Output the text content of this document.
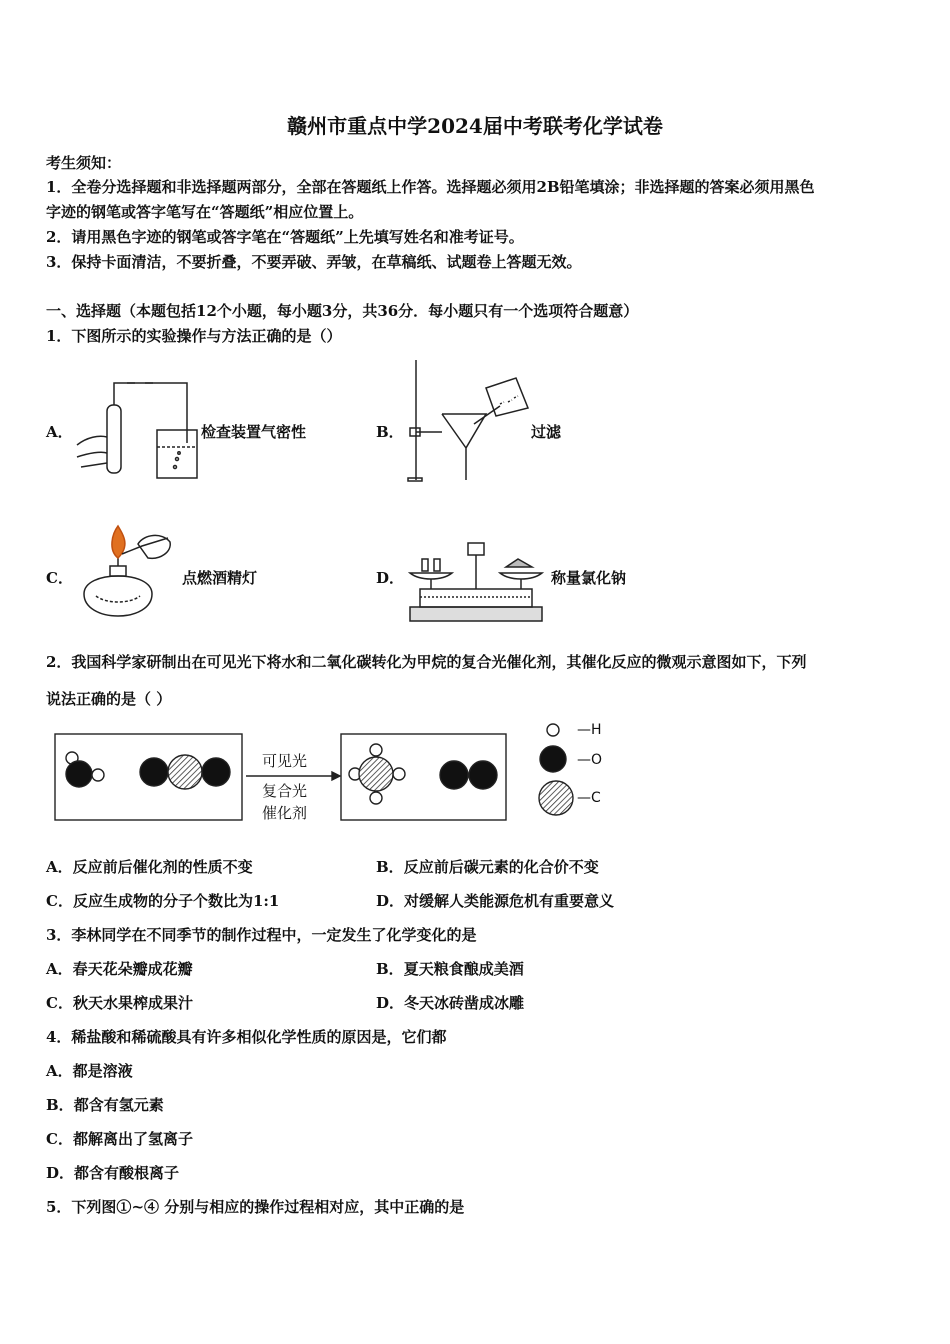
赣州市重点中学2024届中考联考化学试卷
考生须知：
1．全卷分选择题和非选择题两部分，全部在答题纸上作答。选择题必须用2B铅笔填涂；非选择题的答案必须用黑色
字迹的钢笔或答字笔写在“答题纸”相应位置上。
2．请用黑色字迹的钢笔或答字笔在“答题纸”上先填写姓名和准考证号。
3．保持卡面清洁，不要折叠，不要弄破、弄皱，在草稿纸、试题卷上答题无效。
一、选择题（本题包括12个小题，每小题3分，共36分．每小题只有一个选项符合题意）
1．下图所示的实验操作与方法正确的是（）
A．	检查装置气密性	B．	过滤
C．	点燃酒精灯	D．	称量氯化钠
2．我国科学家研制出在可见光下将水和二氧化碳转化为甲烷的复合光催化剂，其催化反应的微观示意图如下，下列
说法正确的是（ ）
可见光
复合光
催化剂
—H
—O
—C
A．反应前后催化剂的性质不变	B．反应前后碳元素的化合价不变
C．反应生成物的分子个数比为1:1	D．对缓解人类能源危机有重要意义
3．李林同学在不同季节的制作过程中，一定发生了化学变化的是
A．春天花朵瓣成花瓣	B．夏天粮食酿成美酒
C．秋天水果榨成果汁	D．冬天冰砖凿成冰雕
4．稀盐酸和稀硫酸具有许多相似化学性质的原因是，它们都
A．都是溶液
B．都含有氢元素
C．都解离出了氢离子
D．都含有酸根离子
5．下列图①~④ 分别与相应的操作过程相对应，其中正确的是
